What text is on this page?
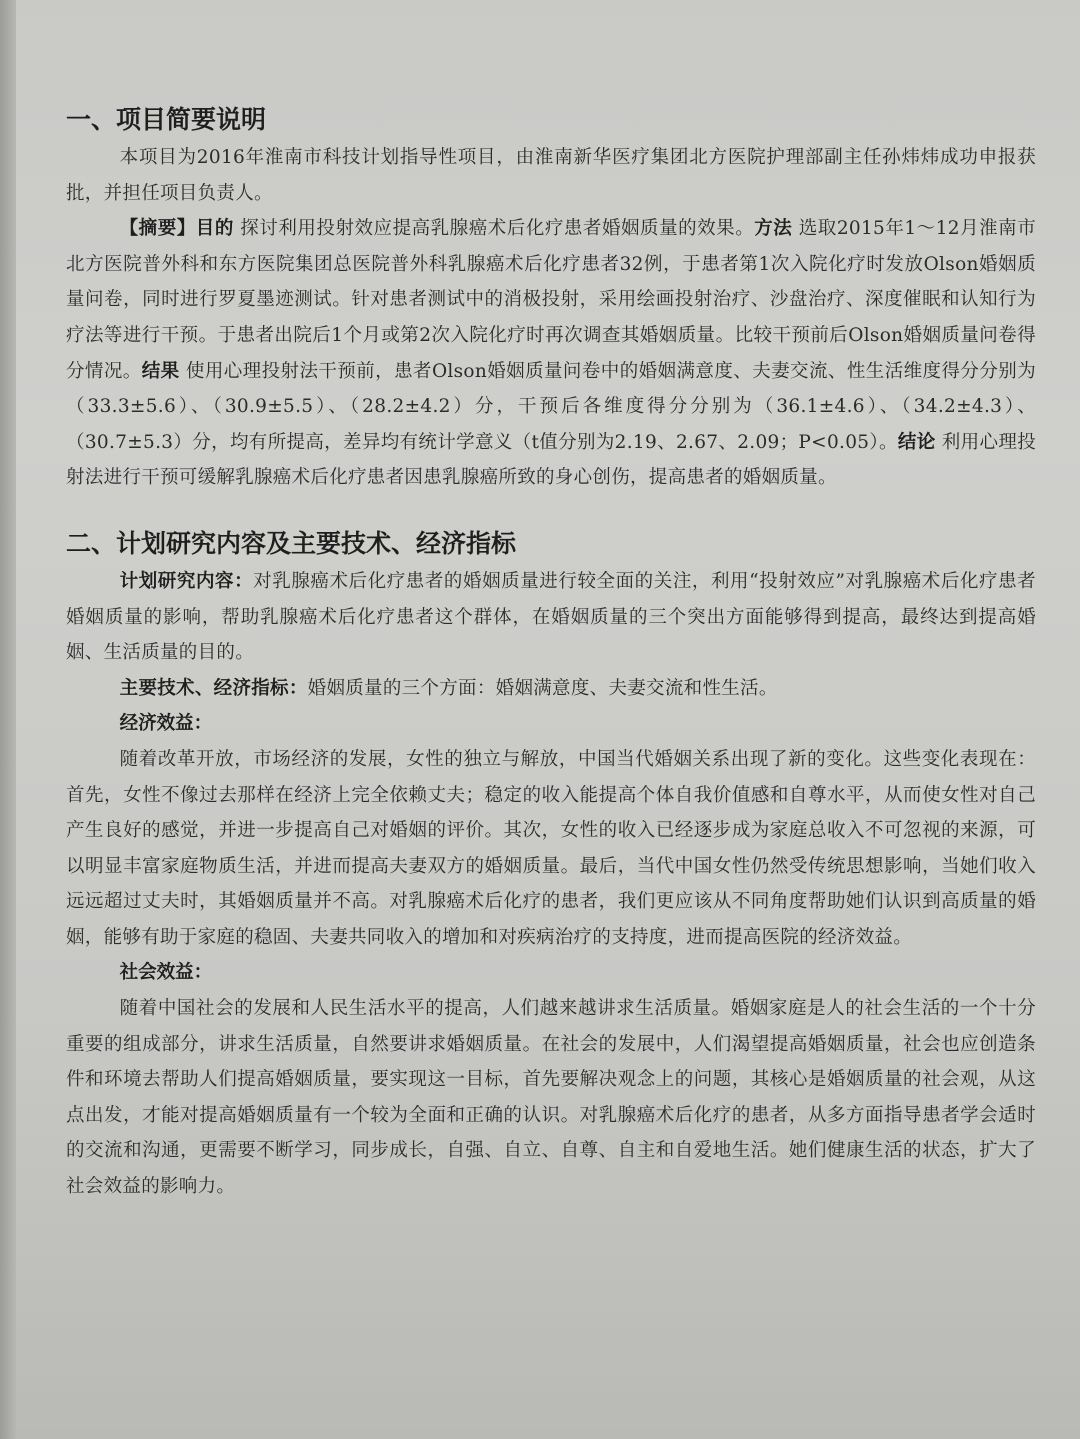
一、项目简要说明

本项目为2016年淮南市科技计划指导性项目，由淮南新华医疗集团北方医院护理部副主任孙炜炜成功申报获批，并担任项目负责人。

【摘要】目的 探讨利用投射效应提高乳腺癌术后化疗患者婚姻质量的效果。方法 选取2015年1～12月淮南市北方医院普外科和东方医院集团总医院普外科乳腺癌术后化疗患者32例，于患者第1次入院化疗时发放Olson婚姻质量问卷，同时进行罗夏墨迹测试。针对患者测试中的消极投射，采用绘画投射治疗、沙盘治疗、深度催眠和认知行为疗法等进行干预。于患者出院后1个月或第2次入院化疗时再次调查其婚姻质量。比较干预前后Olson婚姻质量问卷得分情况。结果 使用心理投射法干预前，患者Olson婚姻质量问卷中的婚姻满意度、夫妻交流、性生活维度得分分别为（33.3±5.6）、（30.9±5.5）、（28.2±4.2）分，干预后各维度得分分别为（36.1±4.6）、（34.2±4.3）、（30.7±5.3）分，均有所提高，差异均有统计学意义（t值分别为2.19、2.67、2.09；P<0.05）。结论 利用心理投射法进行干预可缓解乳腺癌术后化疗患者因患乳腺癌所致的身心创伤，提高患者的婚姻质量。

二、计划研究内容及主要技术、经济指标

计划研究内容：对乳腺癌术后化疗患者的婚姻质量进行较全面的关注，利用“投射效应”对乳腺癌术后化疗患者婚姻质量的影响，帮助乳腺癌术后化疗患者这个群体，在婚姻质量的三个突出方面能够得到提高，最终达到提高婚姻、生活质量的目的。

主要技术、经济指标：婚姻质量的三个方面：婚姻满意度、夫妻交流和性生活。

经济效益：

随着改革开放，市场经济的发展，女性的独立与解放，中国当代婚姻关系出现了新的变化。这些变化表现在：首先，女性不像过去那样在经济上完全依赖丈夫；稳定的收入能提高个体自我价值感和自尊水平，从而使女性对自己产生良好的感觉，并进一步提高自己对婚姻的评价。其次，女性的收入已经逐步成为家庭总收入不可忽视的来源，可以明显丰富家庭物质生活，并进而提高夫妻双方的婚姻质量。最后，当代中国女性仍然受传统思想影响，当她们收入远远超过丈夫时，其婚姻质量并不高。对乳腺癌术后化疗的患者，我们更应该从不同角度帮助她们认识到高质量的婚姻，能够有助于家庭的稳固、夫妻共同收入的增加和对疾病治疗的支持度，进而提高医院的经济效益。

社会效益：

随着中国社会的发展和人民生活水平的提高，人们越来越讲求生活质量。婚姻家庭是人的社会生活的一个十分重要的组成部分，讲求生活质量，自然要讲求婚姻质量。在社会的发展中，人们渴望提高婚姻质量，社会也应创造条件和环境去帮助人们提高婚姻质量，要实现这一目标，首先要解决观念上的问题，其核心是婚姻质量的社会观，从这点出发，才能对提高婚姻质量有一个较为全面和正确的认识。对乳腺癌术后化疗的患者，从多方面指导患者学会适时的交流和沟通，更需要不断学习，同步成长，自强、自立、自尊、自主和自爱地生活。她们健康生活的状态，扩大了社会效益的影响力。
